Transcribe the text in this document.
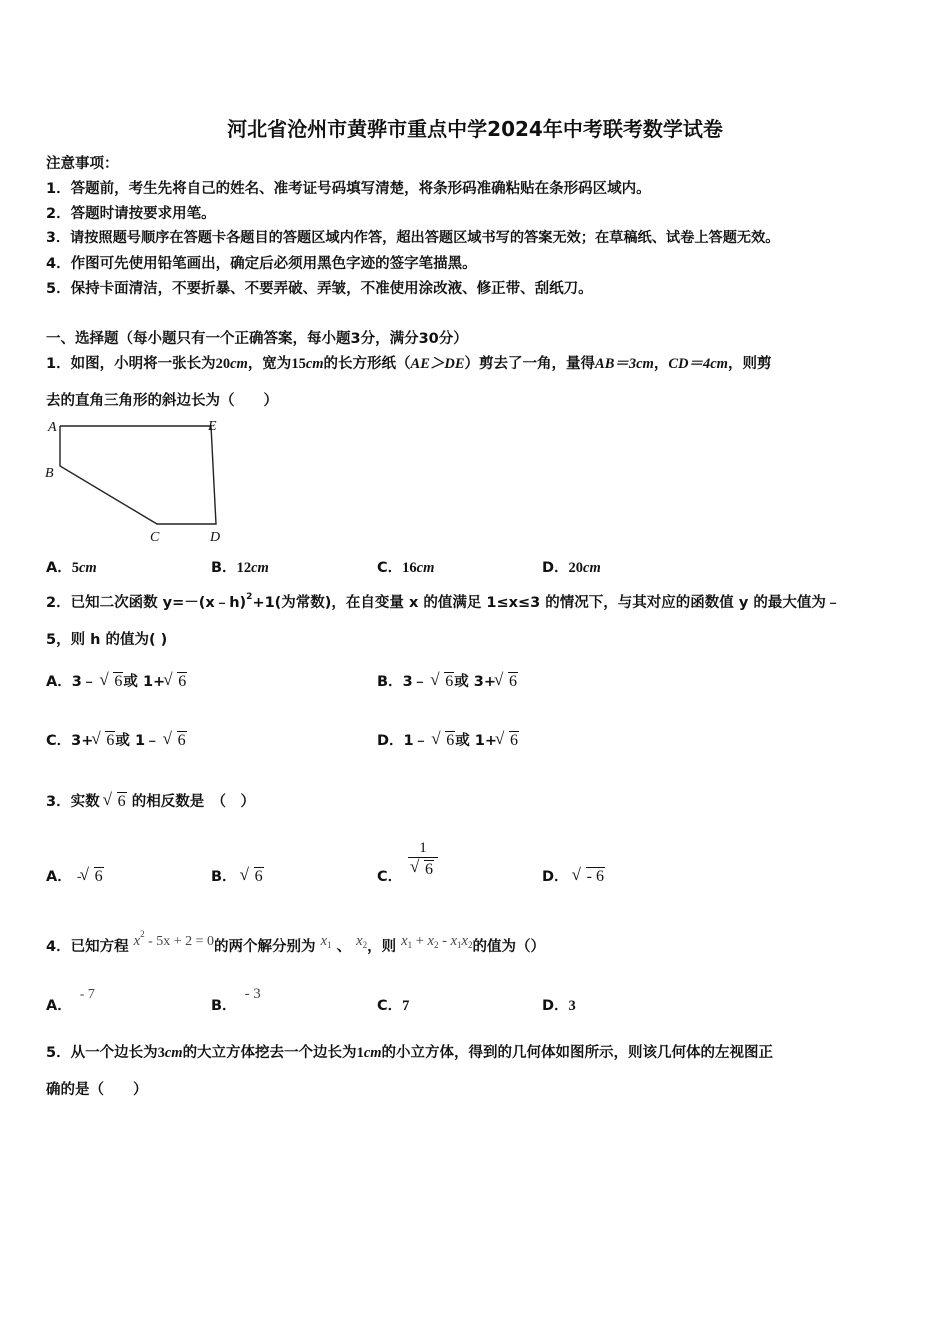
河北省沧州市黄骅市重点中学2024年中考联考数学试卷
注意事项：
1．答题前，考生先将自己的姓名、准考证号码填写清楚，将条形码准确粘贴在条形码区域内。
2．答题时请按要求用笔。
3．请按照题号顺序在答题卡各题目的答题区域内作答，超出答题区域书写的答案无效；在草稿纸、试卷上答题无效。
4．作图可先使用铅笔画出，确定后必须用黑色字迹的签字笔描黑。
5．保持卡面清洁，不要折暴、不要弄破、弄皱，不准使用涂改液、修正带、刮纸刀。
一、选择题（每小题只有一个正确答案，每小题3分，满分30分）
1．如图，小明将一张长为20cm，宽为15cm的长方形纸（AE＞DE）剪去了一角，量得AB＝3cm，CD＝4cm，则剪
去的直角三角形的斜边长为（　　）
A	E
B
C	D
A．5cm	B．12cm	C．16cm	D．20cm
2．已知二次函数 y=－(x﹣h)$^2$+1(为常数)，在自变量 x 的值满足 1≤x≤3 的情况下，与其对应的函数值 y 的最大值为﹣
5，则 h 的值为( )
A．3﹣ √ 6或 1+ √ 6	B．3﹣ √ 6或 3+ √ 6
C．3+ √ 6或 1﹣ √ 6	D．1﹣ √ 6或 1+ √ 6
3．实数 √ 6 的相反数是　（　）
A． - √ 6	B． √ 6	C．
1
√ 6	D． √ - 6
4．已知方程 $x^2 - 5x + 2 = 0$的两个解分别为 $x_1$ 、 $x_2$，则 $x_1 + x_2 - x_1x_2$的值为（）
A．- 7
B．- 3
C．7	D．3
5．从一个边长为3cm的大立方体挖去一个边长为1cm的小立方体，得到的几何体如图所示，则该几何体的左视图正
确的是（　　）
